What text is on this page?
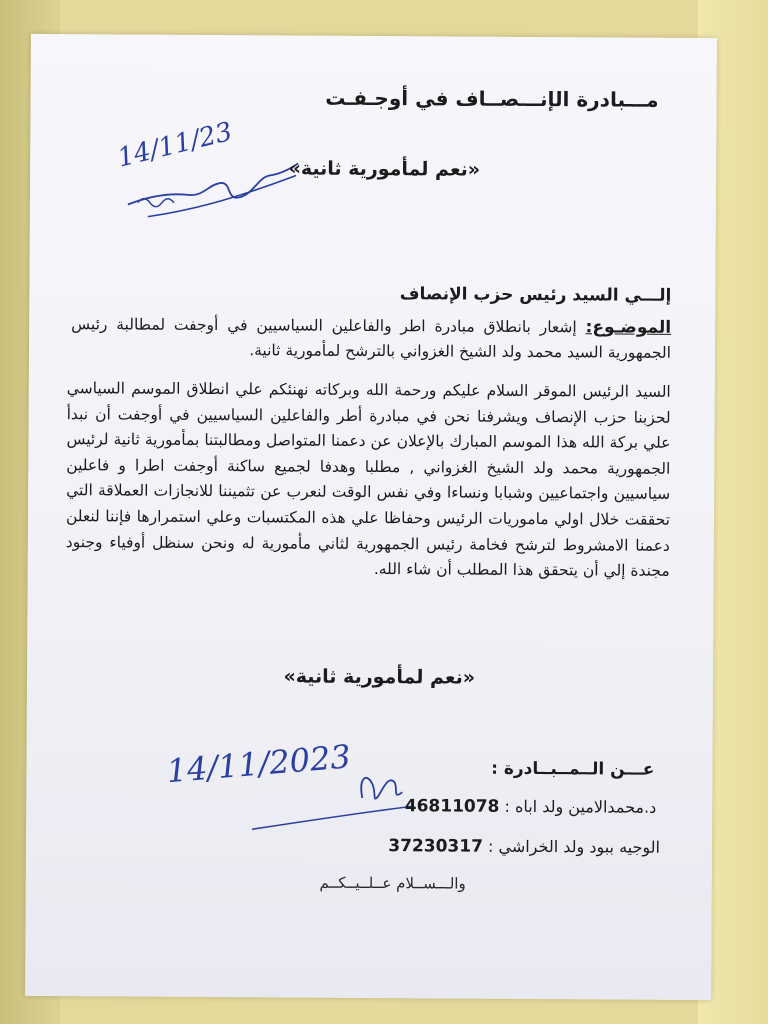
مـــبادرة الإنـــصــاف في أوجـفـت
14/11/23	«نعم لمأمورية ثانية»
إلـــي السيد رئيس حزب الإنصاف
الموضـوع: إشعار بانطلاق مبادرة اطر والفاعلين السياسيين في أوجفت لمطالبة رئيس الجمهورية السيد محمد ولد الشيخ الغزواني بالترشح لمأمورية ثانية.
السيد الرئيس الموقر السلام عليكم ورحمة الله وبركاته نهنئكم علي انطلاق الموسم السياسي لحزبنا حزب الإنصاف ويشرفنا نحن في مبادرة أطر والفاعلين السياسيين في أوجفت أن نبدأ علي بركة الله هذا الموسم المبارك بالإعلان عن دعمنا المتواصل ومطالبتنا بمأمورية ثانية لرئيس الجمهورية محمد ولد الشيخ الغزواني , مطلبا وهدفا لجميع ساكنة أوجفت اطرا و فاعلين سياسيين واجتماعيين وشبابا ونساءا وفي نفس الوقت لنعرب عن تثميننا للانجازات العملاقة التي تحققت خلال اولي ماموريات الرئيس وحفاظا علي هذه المكتسبات وعلي استمرارها فإننا لنعلن دعمنا الامشروط لترشح فخامة رئيس الجمهورية لثاني مأمورية له ونحن سنظل أوفياء وجنود مجندة إلي أن يتحقق هذا المطلب أن شاء الله.
«نعم لمأمورية ثانية»
14/11/2023	عـــن الــمــبــادرة :
د.محمدالامين ولد اباه : 46811078
الوجيه ببود ولد الخراشي : 37230317
والـــســلام عــلــيــكــم
